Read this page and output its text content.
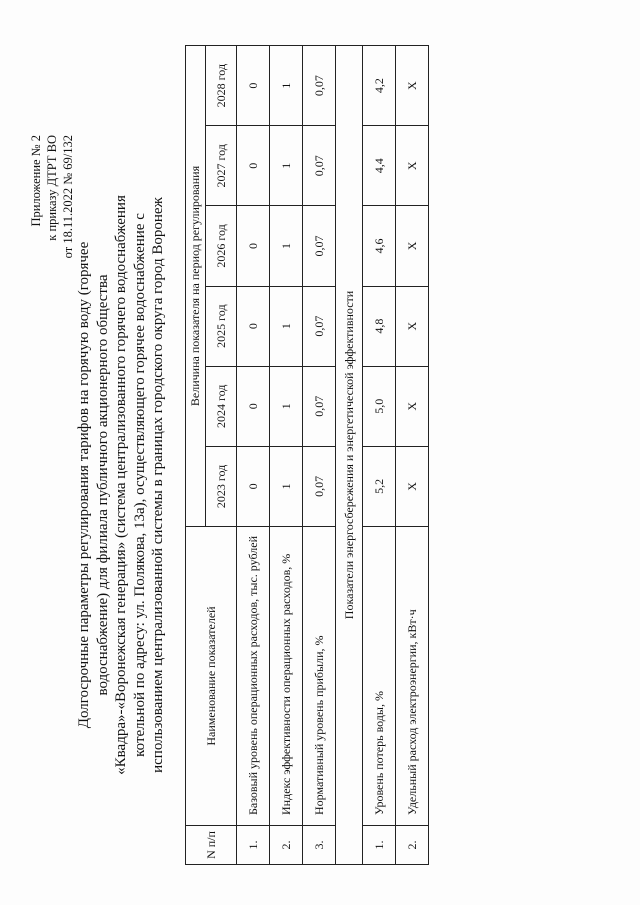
Приложение № 2 к приказу ДТРТ ВО от 18.11.2022 № 69/132
Долгосрочные параметры регулирования тарифов на горячую воду (горячее водоснабжение) для филиала публичного акционерного общества «Квадра»-«Воронежская генерация» (система централизованного горячего водоснабжения котельной по адресу: ул. Полякова, 13а), осуществляющего горячее водоснабжение с использованием централизованной системы в границах городского округа город Воронеж
N п/п	Наименование показателей	Величина показателя на период регулирования					
		2023 год	2024 год	2025 год	2026 год	2027 год	2028 год
1.	Базовый уровень операционных расходов, тыс. рублей	0	0	0	0	0	0
2.	Индекс эффективности операционных расходов, %	1	1	1	1	1	1
3.	Нормативный уровень прибыли, %	0,07	0,07	0,07	0,07	0,07	0,07
Показатели энергосбережения и энергетической эффективности							
1.	Уровень потерь воды, %	5,2	5,0	4,8	4,6	4,4	4,2
2.	Удельный расход электроэнергии, кВт·ч	X	X	X	X	X	X
